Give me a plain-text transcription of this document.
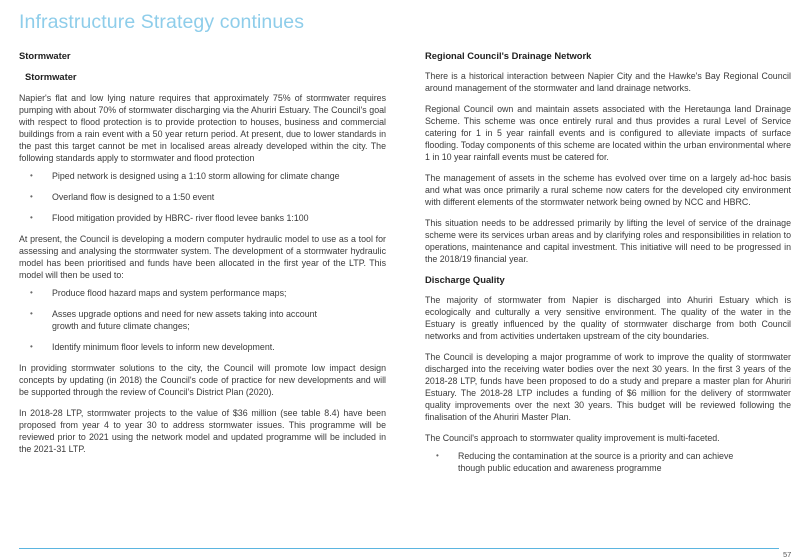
Infrastructure Strategy continues
Stormwater
Stormwater

Napier's flat and low lying nature requires that approximately 75% of stormwater requires pumping with about 70% of stormwater discharging via the Ahuriri Estuary. The Council's goal with respect to flood protection is to provide protection to houses, business and commercial buildings from a rain event with a 50 year return period. At present, due to lower standards in the past this target cannot be met in localised areas already developed within the city. The following standards apply to stormwater and flood protection

• Piped network is designed using a 1:10 storm allowing for climate change
• Overland flow is designed to a 1:50 event
• Flood mitigation provided by HBRC- river flood levee banks 1:100

At present, the Council is developing a modern computer hydraulic model to use as a tool for assessing and analysing the stormwater system. The development of a stormwater hydraulic model has been prioritised and funds have been allocated in the first year of the LTP. This model will then be used to:

• Produce flood hazard maps and system performance maps;
• Asses upgrade options and need for new assets taking into account growth and future climate changes;
• Identify minimum floor levels to inform new development.

In providing stormwater solutions to the city, the Council will promote low impact design concepts by updating (in 2018) the Council's code of practice for new developments and will be supported through the review of Council's District Plan (2020).

In 2018-28 LTP, stormwater projects to the value of $36 million (see table 8.4) have been proposed from year 4 to year 30 to address stormwater issues. This programme will be reviewed prior to 2021 using the network model and updated programme will be included in the 2021-31 LTP.

Regional Council's Drainage Network

There is a historical interaction between Napier City and the Hawke's Bay Regional Council around management of the stormwater and land drainage networks.

Regional Council own and maintain assets associated with the Heretaunga land Drainage Scheme. This scheme was once entirely rural and thus provides a rural Level of Service catering for 1 in 5 year rainfall events and is configured to alleviate impacts of surface flooding. Today components of this scheme are located within the urban environmental where 1 in 10 year rainfall events must be catered for.

The management of assets in the scheme has evolved over time on a largely ad-hoc basis and what was once primarily a rural scheme now caters for the developed city environment with different elements of the stormwater network being owned by NCC and HBRC.

This situation needs to be addressed primarily by lifting the level of service of the drainage scheme were its services urban areas and by clarifying roles and responsibilities in relation to operations, maintenance and capital investment. This initiative will need to be progressed in the 2018/19 financial year.

Discharge Quality

The majority of stormwater from Napier is discharged into Ahuriri Estuary which is ecologically and culturally a very sensitive environment. The quality of the water in the Estuary is greatly influenced by the quality of stormwater discharge from both Council networks and from activities undertaken upstream of the city boundaries.

The Council is developing a major programme of work to improve the quality of stormwater discharged into the receiving water bodies over the next 30 years. In the first 3 years of the 2018-28 LTP, funds have been proposed to do a study and prepare a master plan for Ahuriri Estuary. The 2018-28 LTP includes a funding of $6 million for the delivery of stormwater quality improvements over the next 30 years. This budget will be reviewed following the finalisation of the Ahuriri Master Plan.

The Council's approach to stormwater quality improvement is multi-faceted.

• Reducing the contamination at the source is a priority and can achieve though public education and awareness programme
57
